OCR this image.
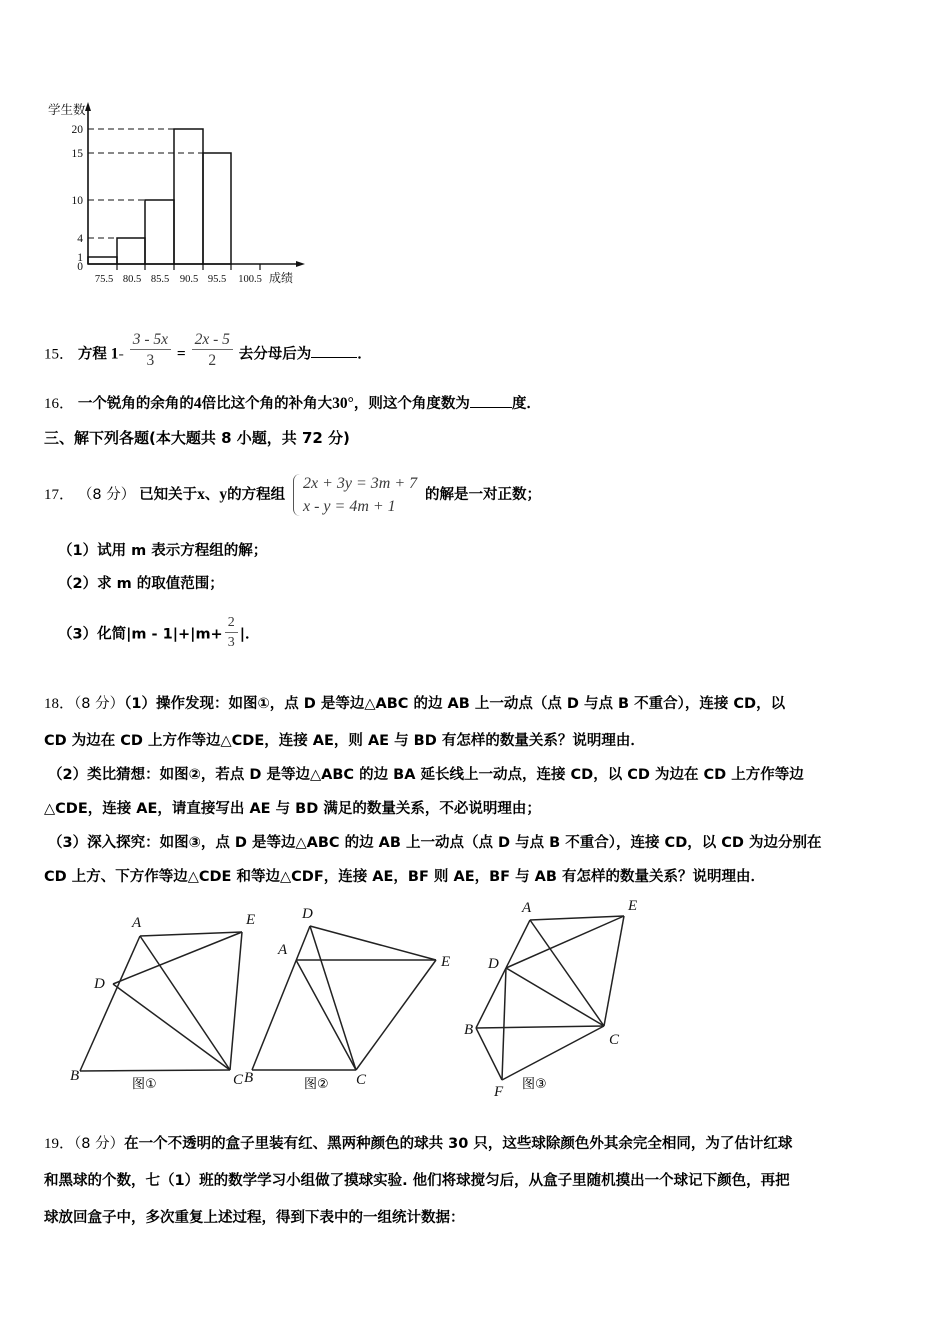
学生数
0
1
4
10
15
20
75.5 80.5 85.5 90.5 95.5 100.5 成绩
15． 方程 $1- \frac{3 - 5x}{3} = \frac{2x - 5}{2}$ 去分母后为	．
16． 一个锐角的余角的4倍比这个角的补角大30°，则这个角度数为	度．
三、解下列各题(本大题共 8 小题，共 72 分)
17． （8 分） 已知关于x、y的方程组
2x + 3y = 3m + 7
x - y = 4m + 1
的解是一对正数；
（1）试用 m 表示方程组的解；
（2）求 m 的取值范围；
（3）化简$|m - 1|+|m+ \frac{2}{3}$ |．
18．（8 分）（1）操作发现：如图①，点 D 是等边△ABC 的边 AB 上一动点（点 D 与点 B 不重合），连接 CD，以
CD 为边在 CD 上方作等边△CDE，连接 AE，则 AE 与 BD 有怎样的数量关系？说明理由．
（2）类比猜想：如图②，若点 D 是等边△ABC 的边 BA 延长线上一动点，连接 CD，以 CD 为边在 CD 上方作等边
△CDE，连接 AE，请直接写出 AE 与 BD 满足的数量关系，不必说明理由；
（3）深入探究：如图③，点 D 是等边△ABC 的边 AB 上一动点（点 D 与点 B 不重合），连接 CD，以 CD 为边分别在
CD 上方、下方作等边△CDE 和等边△CDF，连接 AE，BF 则 AE，BF 与 AB 有怎样的数量关系？说明理由．
A	E
D
B	C
图①
D
A
E
B	C
图②
A	E
D
B
C
F 图③
19．（8 分）在一个不透明的盒子里装有红、黑两种颜色的球共 30 只，这些球除颜色外其余完全相同，为了估计红球
和黑球的个数，七（1）班的数学学习小组做了摸球实验. 他们将球搅匀后，从盒子里随机摸出一个球记下颜色，再把
球放回盒子中，多次重复上述过程，得到下表中的一组统计数据：
